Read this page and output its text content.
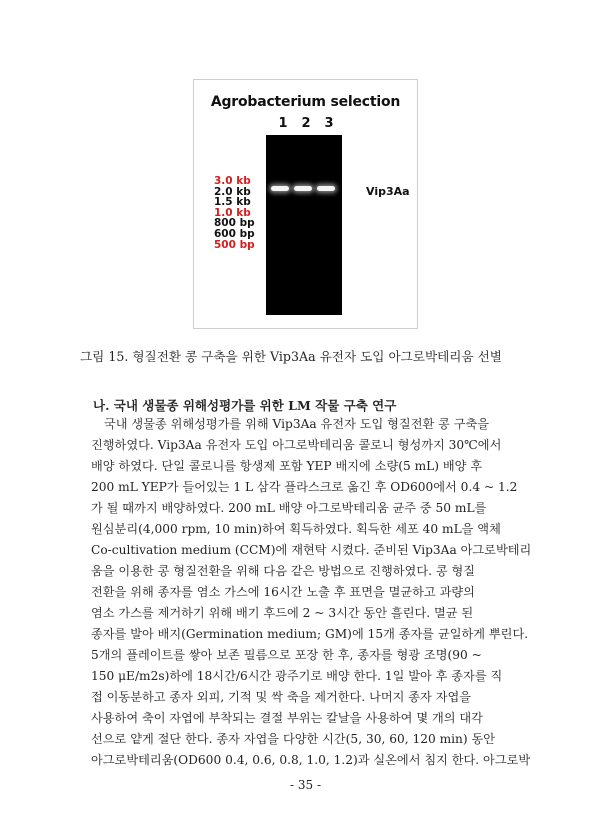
Agrobacterium selection
1	2	3
3.0 kb
2.0 kb
1.5 kb
1.0 kb
800 bp
600 bp
500 bp
Vip3Aa
그림 15. 형질전환 콩 구축을 위한 Vip3Aa 유전자 도입 아그로박테리움 선별
나. 국내 생물종 위해성평가를 위한 LM 작물 구축 연구
국내 생물종 위해성평가를 위해 Vip3Aa 유전자 도입 형질전환 콩 구축을
진행하였다. Vip3Aa 유전자 도입 아그로박테리움 콜로니 형성까지 30℃에서
배양 하였다. 단일 콜로니를 항생제 포함 YEP 배지에 소량(5 mL) 배양 후
200 mL YEP가 들어있는 1 L 삼각 플라스크로 옮긴 후 OD600에서 0.4 ~ 1.2
가 될 때까지 배양하였다. 200 mL 배양 아그로박테리움 균주 중 50 mL를
원심분리(4,000 rpm, 10 min)하여 획득하였다. 획득한 세포 40 mL을 액체
Co-cultivation medium (CCM)에 재현탁 시켰다. 준비된 Vip3Aa 아그로박테리
움을 이용한 콩 형질전환을 위해 다음 같은 방법으로 진행하였다. 콩 형질
전환을 위해 종자를 염소 가스에 16시간 노출 후 표면을 멸균하고 과량의
염소 가스를 제거하기 위해 배기 후드에 2 ~ 3시간 동안 흘린다. 멸균 된
종자를 발아 배지(Germination medium; GM)에 15개 종자를 균일하게 뿌린다.
5개의 플레이트를 쌓아 보존 필름으로 포장 한 후, 종자를 형광 조명(90 ~
150 μE/m2s)하에 18시간/6시간 광주기로 배양 한다. 1일 발아 후 종자를 직
접 이동분하고 종자 외피, 기적 및 싹 축을 제거한다. 나머지 종자 자엽을
사용하여 축이 자엽에 부착되는 결절 부위는 칼날을 사용하여 몇 개의 대각
선으로 얕게 절단 한다. 종자 자엽을 다양한 시간(5, 30, 60, 120 min) 동안
아그로박테리움(OD600 0.4, 0.6, 0.8, 1.0, 1.2)과 실온에서 침지 한다. 아그로박
- 35 -
